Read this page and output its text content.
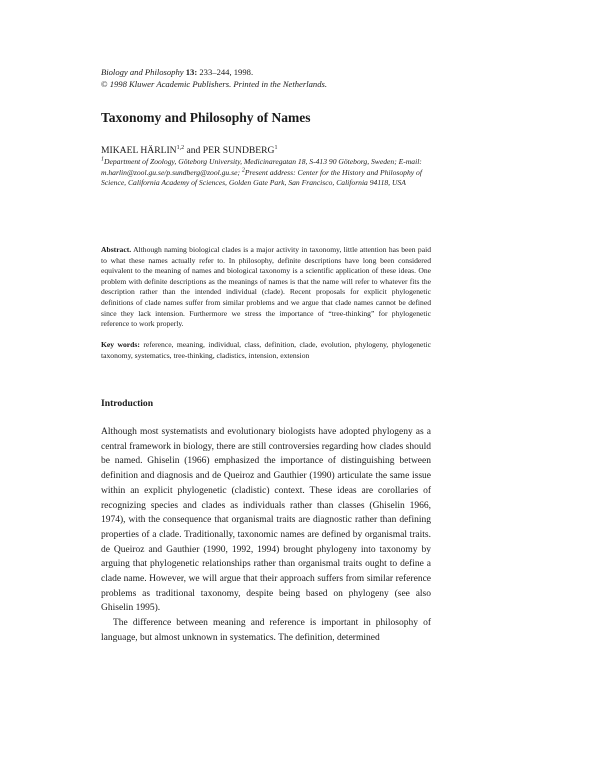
Biology and Philosophy 13: 233–244, 1998.
© 1998 Kluwer Academic Publishers. Printed in the Netherlands.
Taxonomy and Philosophy of Names
MIKAEL HÄRLIN$^{1,2}$ and PER SUNDBERG$^1$
$^1$Department of Zoology, Göteborg University, Medicinaregatan 18, S-413 90 Göteborg, Sweden; E-mail: m.harlin@zool.gu.se/p.sundberg@zool.gu.se; $^2$Present address: Center for the History and Philosophy of Science, California Academy of Sciences, Golden Gate Park, San Francisco, California 94118, USA
Abstract. Although naming biological clades is a major activity in taxonomy, little attention has been paid to what these names actually refer to. In philosophy, definite descriptions have long been considered equivalent to the meaning of names and biological taxonomy is a scientific application of these ideas. One problem with definite descriptions as the meanings of names is that the name will refer to whatever fits the description rather than the intended individual (clade). Recent proposals for explicit phylogenetic definitions of clade names suffer from similar problems and we argue that clade names cannot be defined since they lack intension. Furthermore we stress the importance of “tree-thinking” for phylogenetic reference to work properly.
Key words: reference, meaning, individual, class, definition, clade, evolution, phylogeny, phylogenetic taxonomy, systematics, tree-thinking, cladistics, intension, extension
Introduction

Although most systematists and evolutionary biologists have adopted phylogeny as a central framework in biology, there are still controversies regarding how clades should be named. Ghiselin (1966) emphasized the importance of distinguishing between definition and diagnosis and de Queiroz and Gauthier (1990) articulate the same issue within an explicit phylogenetic (cladistic) context. These ideas are corollaries of recognizing species and clades as individuals rather than classes (Ghiselin 1966, 1974), with the consequence that organismal traits are diagnostic rather than defining properties of a clade. Traditionally, taxonomic names are defined by organismal traits. de Queiroz and Gauthier (1990, 1992, 1994) brought phylogeny into taxonomy by arguing that phylogenetic relationships rather than organismal traits ought to define a clade name. However, we will argue that their approach suffers from similar reference problems as traditional taxonomy, despite being based on phylogeny (see also Ghiselin 1995).

The difference between meaning and reference is important in philosophy of language, but almost unknown in systematics. The definition, determined
